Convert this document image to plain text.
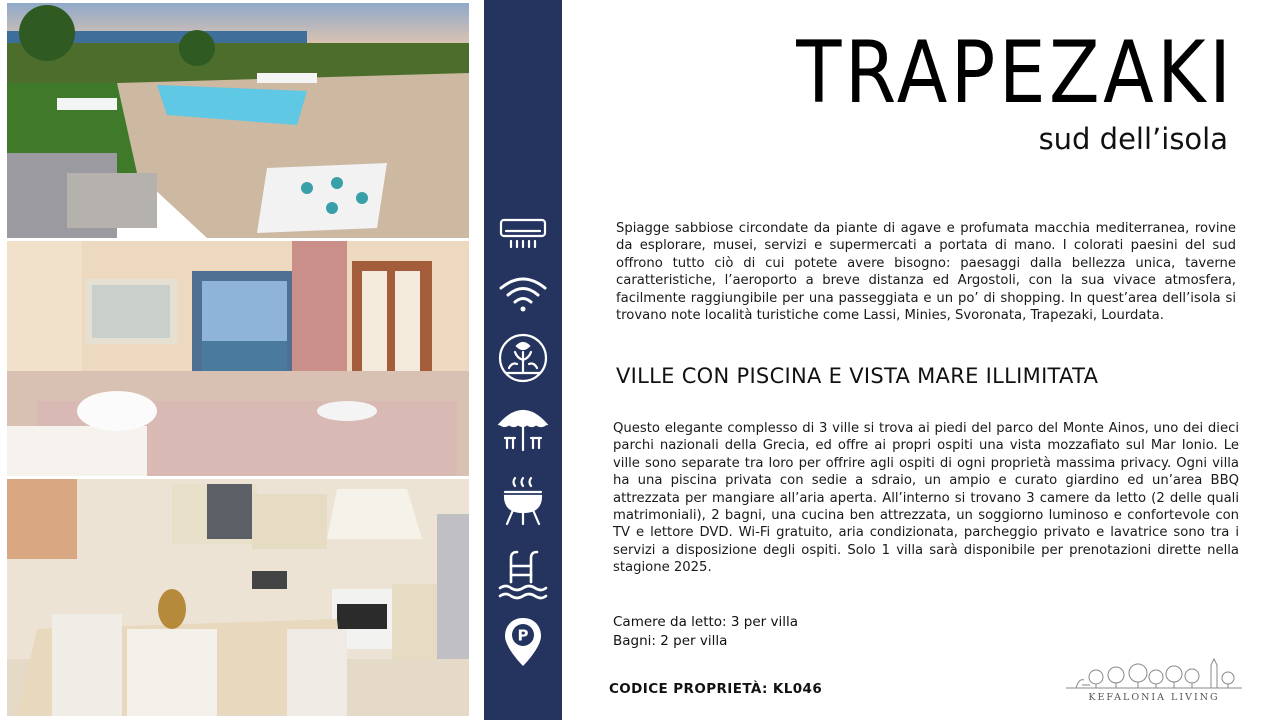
P
TRAPEZAKI
sud dell’isola
Spiagge sabbiose circondate da piante di agave e profumata macchia mediterranea, rovine da esplorare, musei, servizi e supermercati a portata di mano. I colorati paesini del sud offrono tutto ciò di cui potete avere bisogno: paesaggi dalla bellezza unica, taverne caratteristiche, l’aeroporto a breve distanza ed Argostoli, con la sua vivace atmosfera, facilmente raggiungibile per una passeggiata e un po’ di shopping. In quest’area dell’isola si trovano note località turistiche come Lassi, Minies, Svoronata, Trapezaki, Lourdata.
VILLE CON PISCINA E VISTA MARE ILLIMITATA
Questo elegante complesso di 3 ville si trova ai piedi del parco del Monte Ainos, uno dei dieci parchi nazionali della Grecia, ed offre ai propri ospiti una vista mozzafiato sul Mar Ionio. Le ville sono separate tra loro per offrire agli ospiti di ogni proprietà massima privacy. Ogni villa ha una piscina privata con sedie a sdraio, un ampio e curato giardino ed un’area BBQ attrezzata per mangiare all’aria aperta. All’interno si trovano 3 camere da letto (2 delle quali matrimoniali), 2 bagni, una cucina ben attrezzata, un soggiorno luminoso e confortevole con TV e lettore DVD. Wi-Fi gratuito, aria condizionata, parcheggio privato e lavatrice sono tra i servizi a disposizione degli ospiti. Solo 1 villa sarà disponibile per prenotazioni dirette nella stagione 2025.
Camere da letto: 3 per villa
Bagni: 2 per villa
CODICE PROPRIETÀ: KL046
KEFALONIA LIVING
